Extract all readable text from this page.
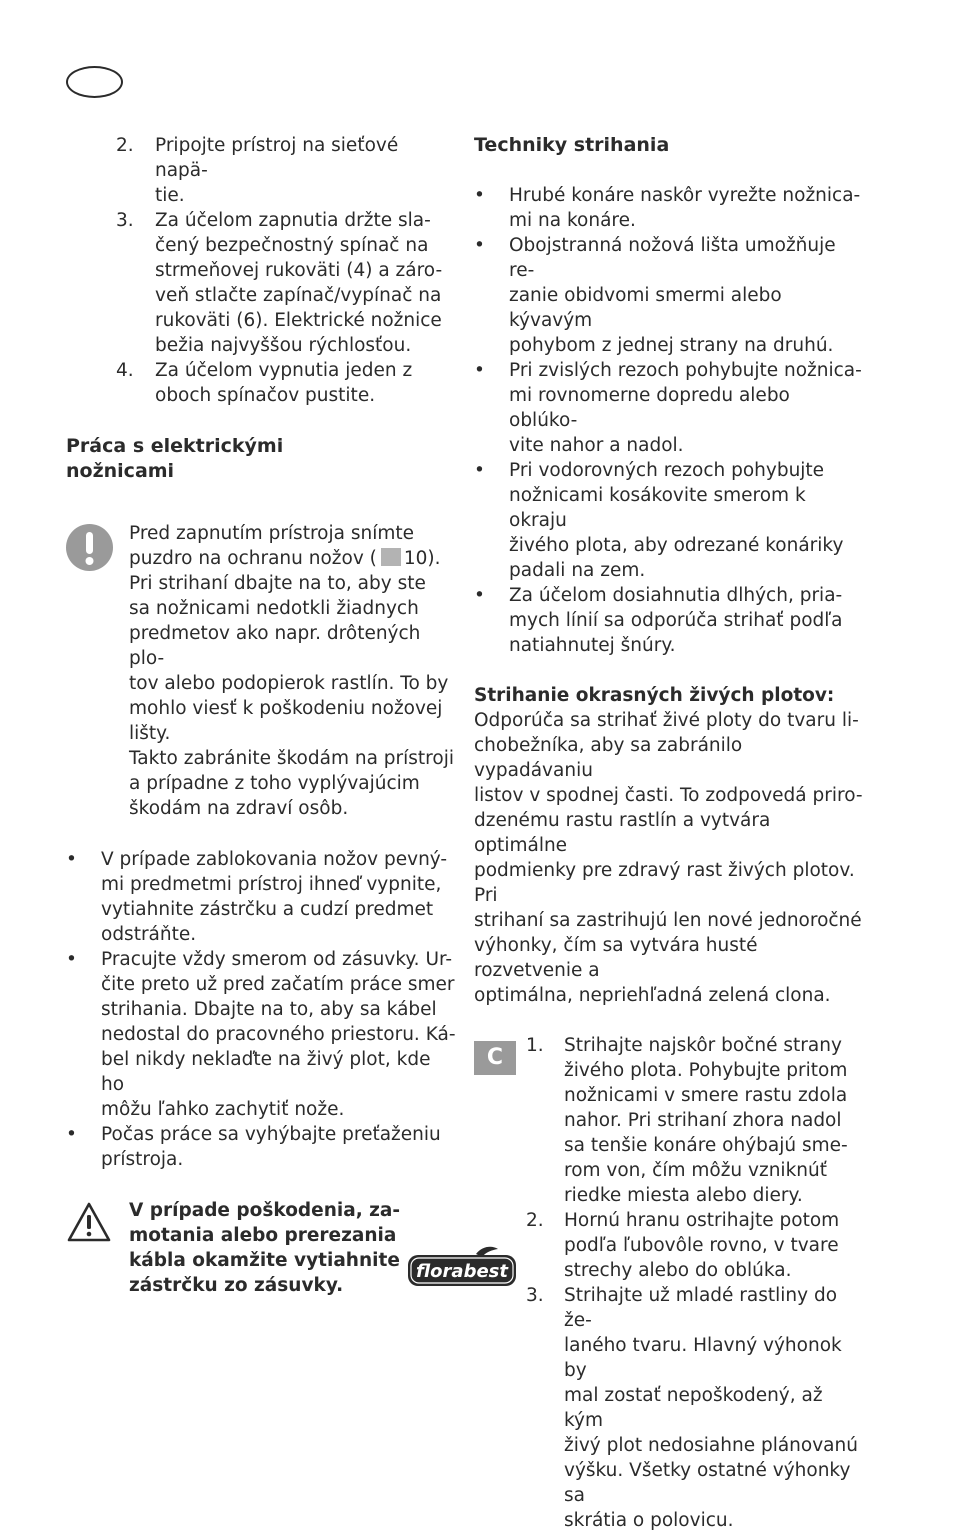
2. Pripojte prístroj na sieťové napä-
tie.
3. Za účelom zapnutia držte sla-
čený bezpečnostný spínač na
strmeňovej rukoväti (4) a záro-
veň stlačte zapínač/vypínač na
rukoväti (6). Elektrické nožnice
bežia najvyššou rýchlosťou.
4. Za účelom vypnutia jeden z
oboch spínačov pustite.
Práca s elektrickými
nožnicami
Pred zapnutím prístroja snímte
puzdro na ochranu nožov ( 10).
Pri strihaní dbajte na to, aby ste
sa nožnicami nedotkli žiadnych
predmetov ako napr. drôtených plo-
tov alebo podopierok rastlín. To by
mohlo viesť k poškodeniu nožovej
lišty.
Takto zabránite škodám na prístroji
a prípadne z toho vyplývajúcim
škodám na zdraví osôb.
• V prípade zablokovania nožov pevný-
mi predmetmi prístroj ihneď vypnite,
vytiahnite zástrčku a cudzí predmet
odstráňte.
• Pracujte vždy smerom od zásuvky. Ur-
čite preto už pred začatím práce smer
strihania. Dbajte na to, aby sa kábel
nedostal do pracovného priestoru. Ká-
bel nikdy neklaďte na živý plot, kde ho
môžu ľahko zachytiť nože.
• Počas práce sa vyhýbajte preťaženiu
prístroja.
V prípade poškodenia, za-
motania alebo prerezania
kábla okamžite vytiahnite
zástrčku zo zásuvky.
Techniky strihania
• Hrubé konáre naskôr vyrežte nožnica-
mi na konáre.
• Obojstranná nožová lišta umožňuje re-
zanie obidvomi smermi alebo kývavým
pohybom z jednej strany na druhú.
• Pri zvislých rezoch pohybujte nožnica-
mi rovnomerne dopredu alebo oblúko-
vite nahor a nadol.
• Pri vodorovných rezoch pohybujte
nožnicami kosákovite smerom k okraju
živého plota, aby odrezané konáriky
padali na zem.
• Za účelom dosiahnutia dlhých, pria-
mych línií sa odporúča strihať podľa
natiahnutej šnúry.
Strihanie okrasných živých plotov:
Odporúča sa strihať živé ploty do tvaru li-
chobežníka, aby sa zabránilo vypadávaniu
listov v spodnej časti. To zodpovedá priro-
dzenému rastu rastlín a vytvára optimálne
podmienky pre zdravý rast živých plotov. Pri
strihaní sa zastrihujú len nové jednoročné
výhonky, čím sa vytvára husté rozvetvenie a
optimálna, nepriehľadná zelená clona.
C	1. Strihajte najskôr bočné strany
živého plota. Pohybujte pritom
nožnicami v smere rastu zdola
nahor. Pri strihaní zhora nadol
sa tenšie konáre ohýbajú sme-
rom von, čím môžu vzniknúť
riedke miesta alebo diery.
2. Hornú hranu ostrihajte potom
podľa ľubovôle rovno, v tvare
strechy alebo do oblúka.
3. Strihajte už mladé rastliny do že-
laného tvaru. Hlavný výhonok by
mal zostať nepoškodený, až kým
živý plot nedosiahne plánovanú
výšku. Všetky ostatné výhonky sa
skrátia o polovicu.
florabest
